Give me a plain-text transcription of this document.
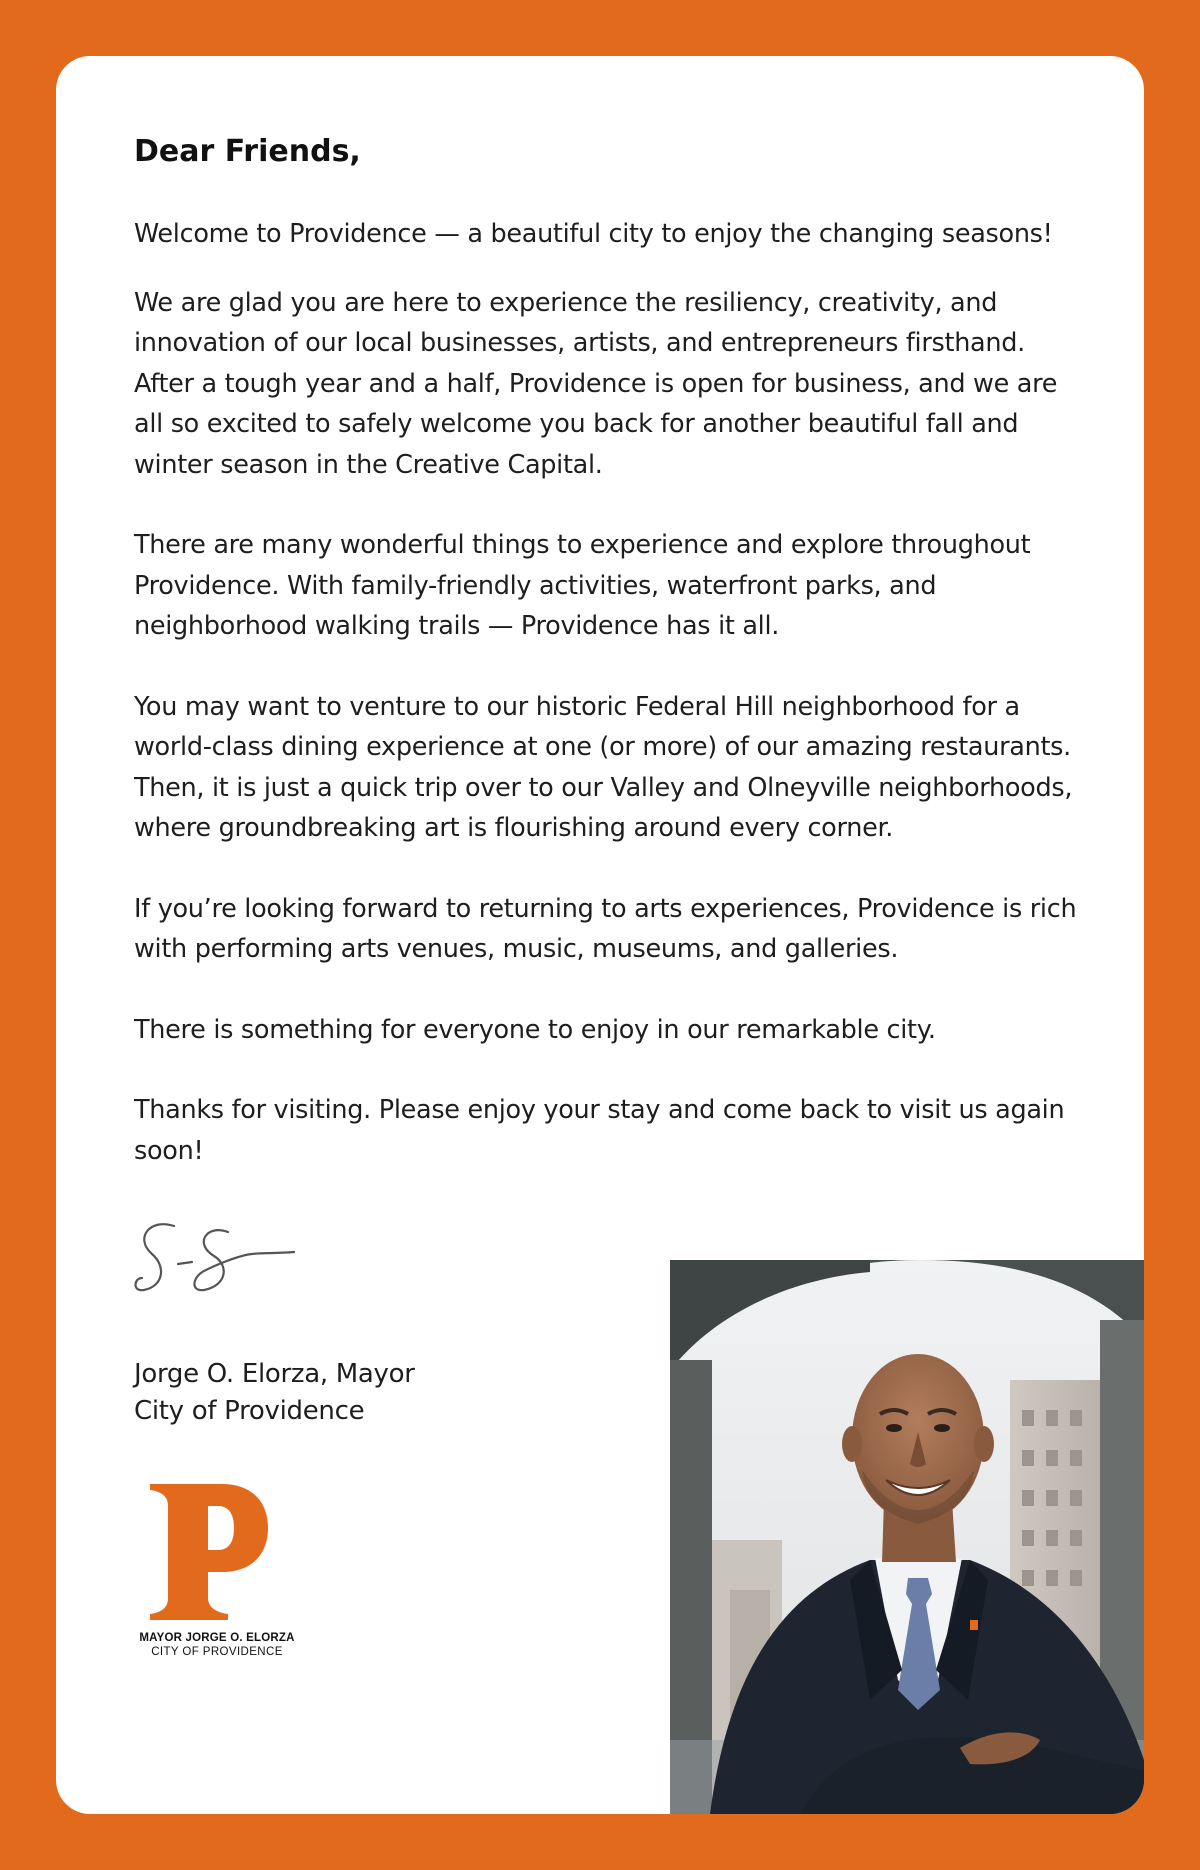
Dear Friends,

Welcome to Providence — a beautiful city to enjoy the changing seasons!

We are glad you are here to experience the resiliency, creativity, and innovation of our local businesses, artists, and entrepreneurs firsthand. After a tough year and a half, Providence is open for business, and we are all so excited to safely welcome you back for another beautiful fall and winter season in the Creative Capital.

There are many wonderful things to experience and explore throughout Providence. With family-friendly activities, waterfront parks, and neighborhood walking trails — Providence has it all.

You may want to venture to our historic Federal Hill neighborhood for a world-class dining experience at one (or more) of our amazing restaurants. Then, it is just a quick trip over to our Valley and Olneyville neighborhoods, where groundbreaking art is flourishing around every corner.

If you’re looking forward to returning to arts experiences, Providence is rich with performing arts venues, music, museums, and galleries.

There is something for everyone to enjoy in our remarkable city.

Thanks for visiting. Please enjoy your stay and come back to visit us again soon!

Jorge O. Elorza, Mayor
City of Providence
MAYOR JORGE O. ELORZA
CITY OF PROVIDENCE
